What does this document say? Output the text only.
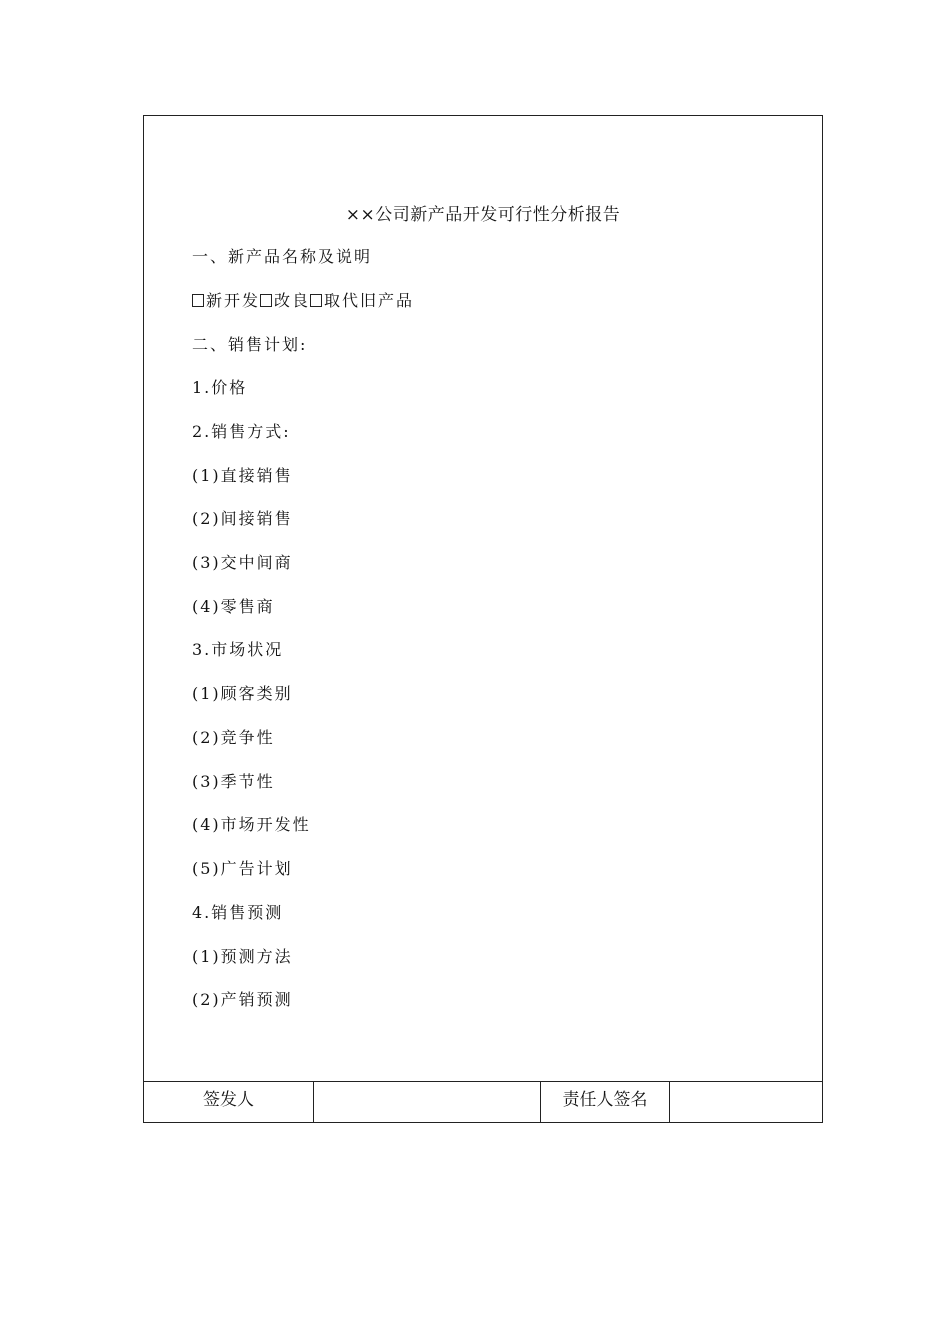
××公司新产品开发可行性分析报告
一、新产品名称及说明
新开发 改良 取代旧产品
二、销售计划:
1.价格
2.销售方式:
(1)直接销售
(2)间接销售
(3)交中间商
(4)零售商
3.市场状况
(1)顾客类别
(2)竞争性
(3)季节性
(4)市场开发性
(5)广告计划
4.销售预测
(1)预测方法
(2)产销预测
签发人	责任人签名
